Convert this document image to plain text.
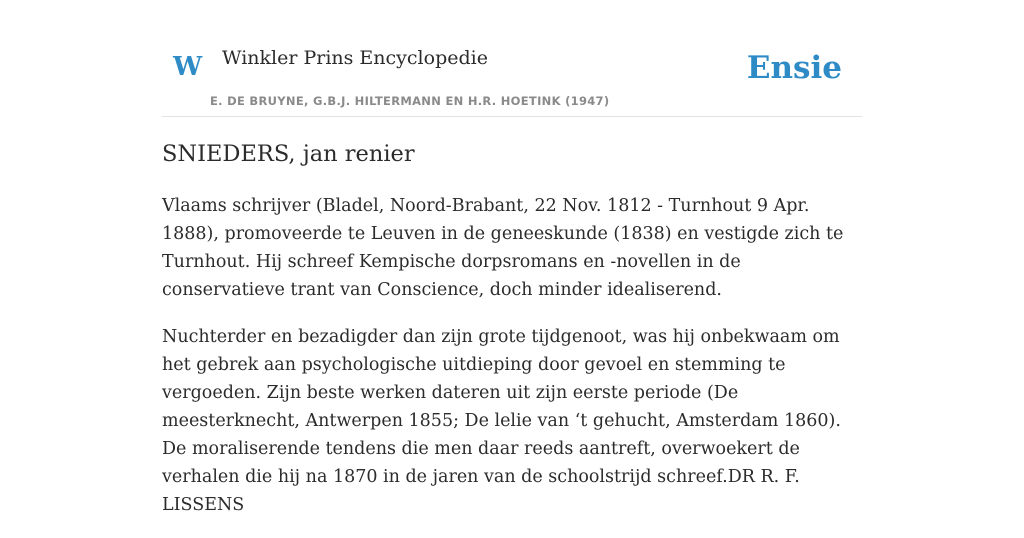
W Winkler Prins Encyclopedie
E. DE BRUYNE, G.B.J. HILTERMANN EN H.R. HOETINK (1947)
Ensie
SNIEDERS, jan renier

Vlaams schrijver (Bladel, Noord-Brabant, 22 Nov. 1812 - Turnhout 9 Apr. 1888), promoveerde te Leuven in de geneeskunde (1838) en vestigde zich te Turnhout. Hij schreef Kempische dorpsromans en -novellen in de conservatieve trant van Conscience, doch minder idealiserend.

Nuchterder en bezadigder dan zijn grote tijdgenoot, was hij onbekwaam om het gebrek aan psychologische uitdieping door gevoel en stemming te vergoeden. Zijn beste werken dateren uit zijn eerste periode (De meesterknecht, Antwerpen 1855; De lelie van ‘t gehucht, Amsterdam 1860). De moraliserende tendens die men daar reeds aantreft, overwoekert de verhalen die hij na 1870 in de jaren van de schoolstrijd schreef.DR R. F. LISSENS
